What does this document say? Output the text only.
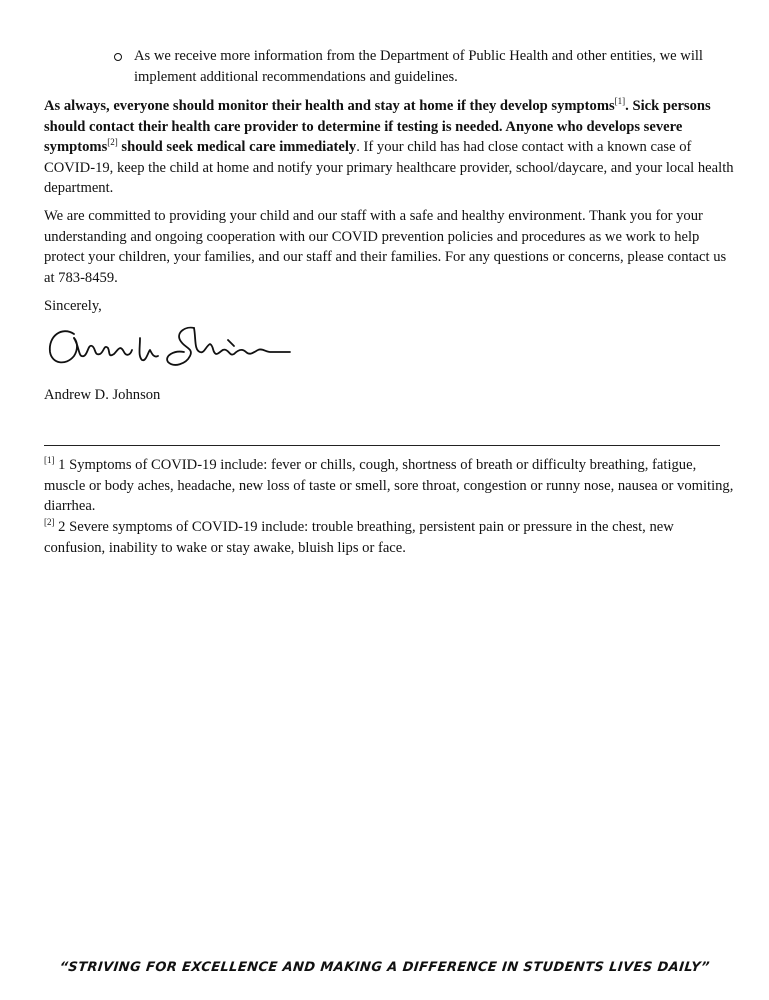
As we receive more information from the Department of Public Health and other entities, we will implement additional recommendations and guidelines.

As always, everyone should monitor their health and stay at home if they develop symptoms[1]. Sick persons should contact their health care provider to determine if testing is needed. Anyone who develops severe symptoms[2] should seek medical care immediately. If your child has had close contact with a known case of COVID-19, keep the child at home and notify your primary healthcare provider, school/daycare, and your local health department.

We are committed to providing your child and our staff with a safe and healthy environment. Thank you for your understanding and ongoing cooperation with our COVID prevention policies and procedures as we work to help protect your children, your families, and our staff and their families. For any questions or concerns, please contact us at 783-8459.

Sincerely,
Andrew D. Johnson

[1] 1 Symptoms of COVID-19 include: fever or chills, cough, shortness of breath or difficulty breathing, fatigue, muscle or body aches, headache, new loss of taste or smell, sore throat, congestion or runny nose, nausea or vomiting, diarrhea.

[2] 2 Severe symptoms of COVID-19 include: trouble breathing, persistent pain or pressure in the chest, new confusion, inability to wake or stay awake, bluish lips or face.

“STRIVING FOR EXCELLENCE AND MAKING A DIFFERENCE IN STUDENTS LIVES DAILY”
